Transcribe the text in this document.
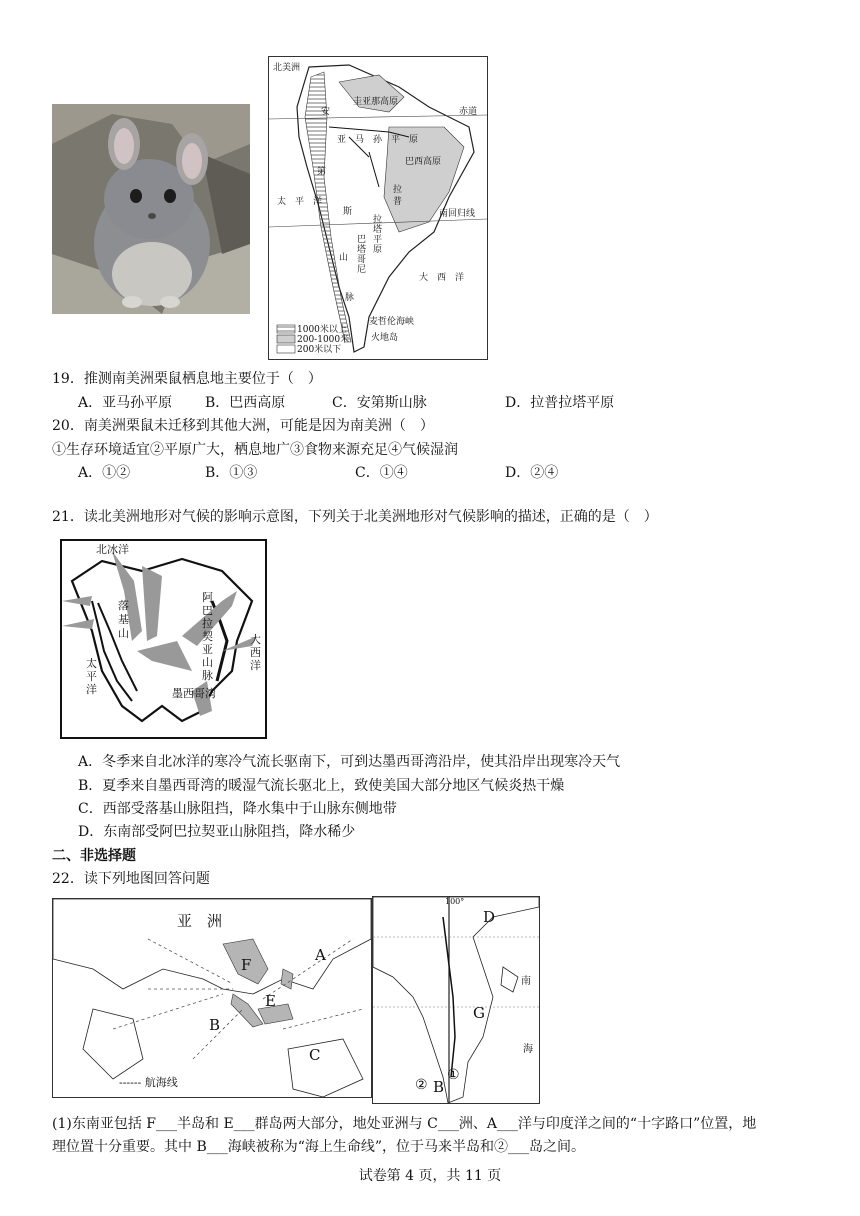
北美洲
圭亚那高原
赤道
亚　马　孙　平　原
安
第
斯
山
脉
巴西高原
拉
普
拉
塔
平
原
巴
塔
哥
尼
南回归线
太　平　洋
大　西　洋
麦哲伦海峡
火地岛
1000米以上
200-1000米
200米以下
19．推测南美洲栗鼠栖息地主要位于（　）
A．亚马孙平原 B．巴西高原	C．安第斯山脉	D．拉普拉塔平原
20．南美洲栗鼠未迁移到其他大洲，可能是因为南美洲（　）
①生存环境适宜②平原广大，栖息地广③食物来源充足④气候湿润
A．①②	B．①③	C．①④	D．②④
21．读北美洲地形对气候的影响示意图，下列关于北美洲地形对气候影响的描述，正确的是（　）
北冰洋
落
基
山
阿
巴
拉
契
亚
山
脉
大
西
洋
太
平
洋	墨西哥湾
A．冬季来自北冰洋的寒冷气流长驱南下，可到达墨西哥湾沿岸，使其沿岸出现寒冷天气
B．夏季来自墨西哥湾的暖湿气流长驱北上，致使美国大部分地区气候炎热干燥
C．西部受落基山脉阻挡，降水集中于山脉东侧地带
D．东南部受阿巴拉契亚山脉阻挡，降水稀少
二、非选择题
22．读下列地图回答问题
亚　洲
A
F
E
B
C
------ 航海线
100°
D
G
南
海
①
② B
(1)东南亚包括 F___半岛和 E___群岛两大部分，地处亚洲与 C___洲、A___洋与印度洋之间的“十字路口”位置，地
理位置十分重要。其中 B___海峡被称为“海上生命线”，位于马来半岛和②___岛之间。
试卷第 4 页，共 11 页
